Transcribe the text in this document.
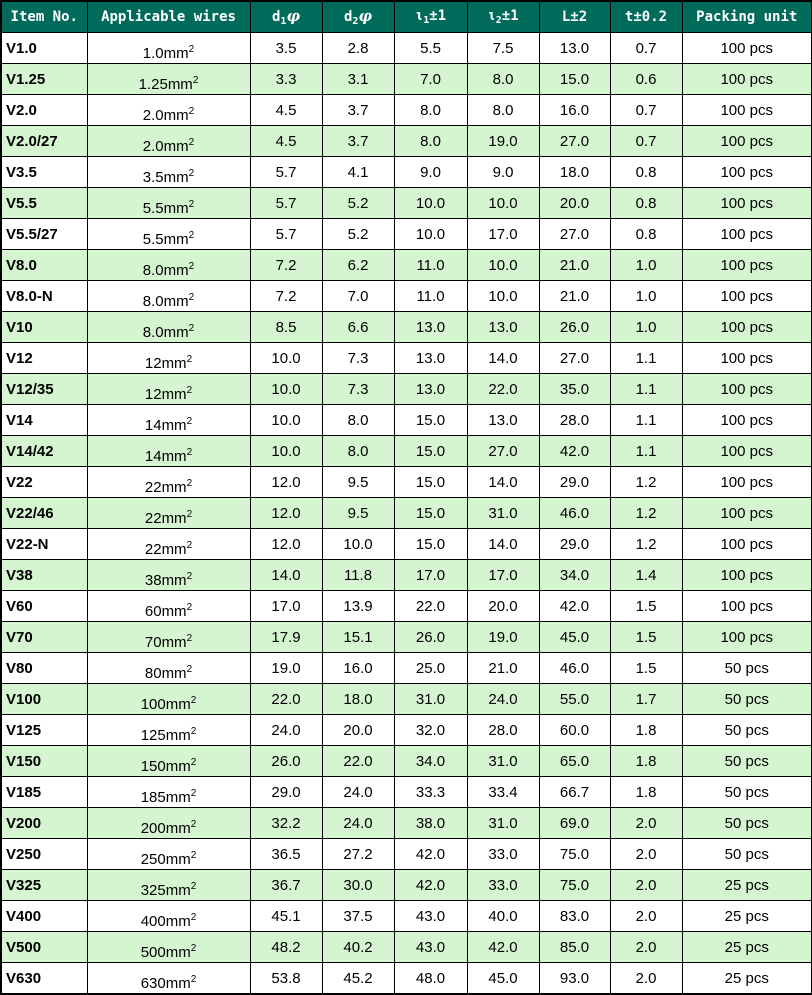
Item No.	Applicable wires	$d_1\varphi$	$d_2\varphi$	$\iota_1\pm 1$	$\iota_2\pm 1$	L±2	t±0.2	Packing unit
V1.0	$1.0mm^2$	3.5	2.8	5.5	7.5	13.0	0.7	100 pcs
V1.25	$1.25mm^2$	3.3	3.1	7.0	8.0	15.0	0.6	100 pcs
V2.0	$2.0mm^2$	4.5	3.7	8.0	8.0	16.0	0.7	100 pcs
V2.0/27	$2.0mm^2$	4.5	3.7	8.0	19.0	27.0	0.7	100 pcs
V3.5	$3.5mm^2$	5.7	4.1	9.0	9.0	18.0	0.8	100 pcs
V5.5	$5.5mm^2$	5.7	5.2	10.0	10.0	20.0	0.8	100 pcs
V5.5/27	$5.5mm^2$	5.7	5.2	10.0	17.0	27.0	0.8	100 pcs
V8.0	$8.0mm^2$	7.2	6.2	11.0	10.0	21.0	1.0	100 pcs
V8.0-N	$8.0mm^2$	7.2	7.0	11.0	10.0	21.0	1.0	100 pcs
V10	$8.0mm^2$	8.5	6.6	13.0	13.0	26.0	1.0	100 pcs
V12	$12mm^2$	10.0	7.3	13.0	14.0	27.0	1.1	100 pcs
V12/35	$12mm^2$	10.0	7.3	13.0	22.0	35.0	1.1	100 pcs
V14	$14mm^2$	10.0	8.0	15.0	13.0	28.0	1.1	100 pcs
V14/42	$14mm^2$	10.0	8.0	15.0	27.0	42.0	1.1	100 pcs
V22	$22mm^2$	12.0	9.5	15.0	14.0	29.0	1.2	100 pcs
V22/46	$22mm^2$	12.0	9.5	15.0	31.0	46.0	1.2	100 pcs
V22-N	$22mm^2$	12.0	10.0	15.0	14.0	29.0	1.2	100 pcs
V38	$38mm^2$	14.0	11.8	17.0	17.0	34.0	1.4	100 pcs
V60	$60mm^2$	17.0	13.9	22.0	20.0	42.0	1.5	100 pcs
V70	$70mm^2$	17.9	15.1	26.0	19.0	45.0	1.5	100 pcs
V80	$80mm^2$	19.0	16.0	25.0	21.0	46.0	1.5	50 pcs
V100	$100mm^2$	22.0	18.0	31.0	24.0	55.0	1.7	50 pcs
V125	$125mm^2$	24.0	20.0	32.0	28.0	60.0	1.8	50 pcs
V150	$150mm^2$	26.0	22.0	34.0	31.0	65.0	1.8	50 pcs
V185	$185mm^2$	29.0	24.0	33.3	33.4	66.7	1.8	50 pcs
V200	$200mm^2$	32.2	24.0	38.0	31.0	69.0	2.0	50 pcs
V250	$250mm^2$	36.5	27.2	42.0	33.0	75.0	2.0	50 pcs
V325	$325mm^2$	36.7	30.0	42.0	33.0	75.0	2.0	25 pcs
V400	$400mm^2$	45.1	37.5	43.0	40.0	83.0	2.0	25 pcs
V500	$500mm^2$	48.2	40.2	43.0	42.0	85.0	2.0	25 pcs
V630	$630mm^2$	53.8	45.2	48.0	45.0	93.0	2.0	25 pcs
